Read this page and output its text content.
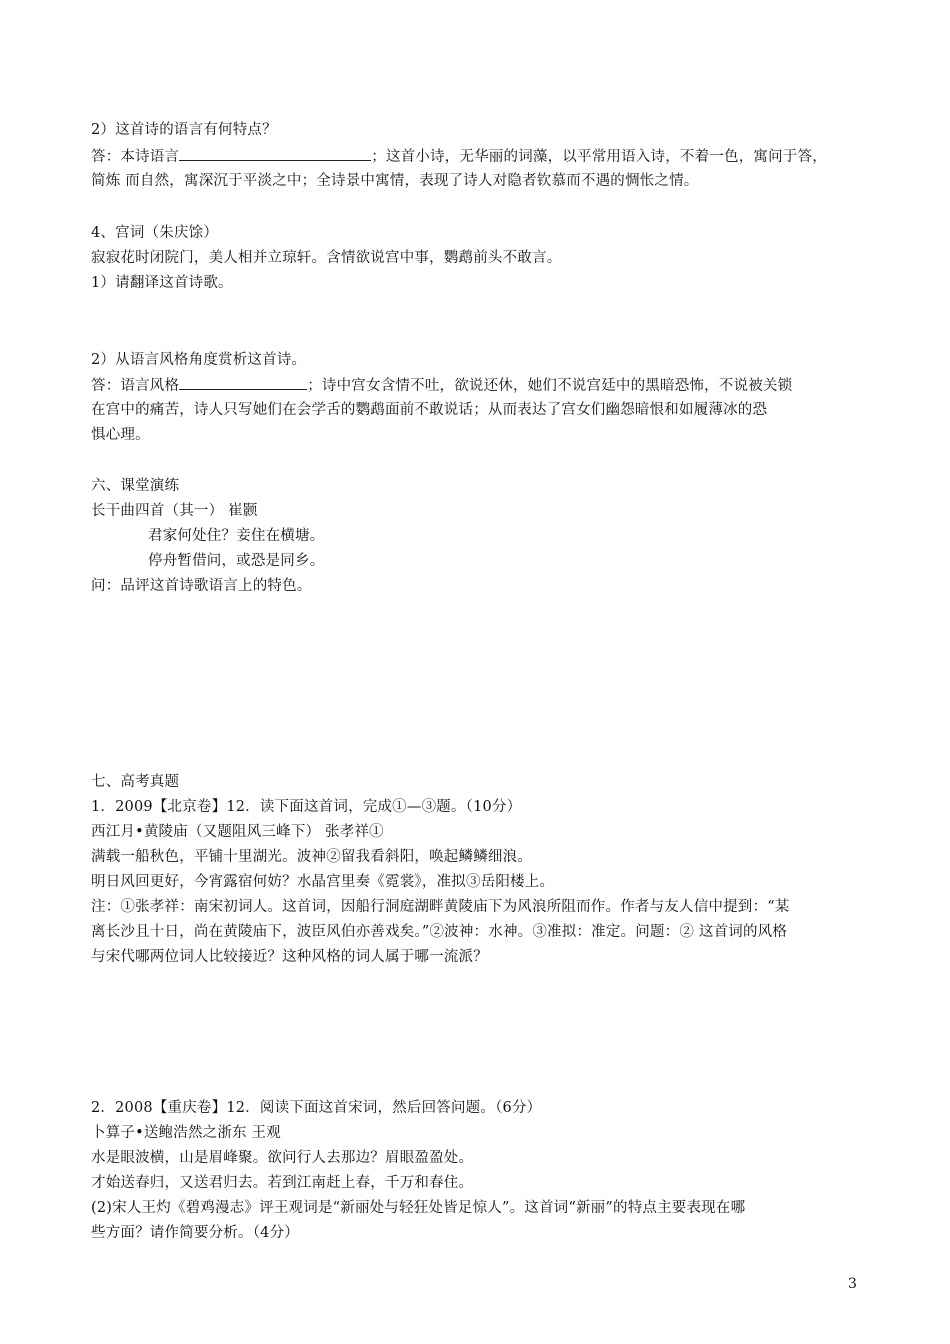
2）这首诗的语言有何特点？
答：本诗语言	；这首小诗，无华丽的词藻，以平常用语入诗，不着一色，寓问于答，
简炼 而自然，寓深沉于平淡之中；全诗景中寓情，表现了诗人对隐者钦慕而不遇的惆怅之情。
4、宫词（朱庆馀）
寂寂花时闭院门，美人相并立琼轩。含情欲说宫中事，鹦鹉前头不敢言。
1）请翻译这首诗歌。
2）从语言风格角度赏析这首诗。
答：语言风格	；诗中宫女含情不吐，欲说还休，她们不说宫廷中的黑暗恐怖，不说被关锁
在宫中的痛苦，诗人只写她们在会学舌的鹦鹉面前不敢说话；从而表达了宫女们幽怨暗恨和如履薄冰的恐
惧心理。
六、课堂演练
长干曲四首（其一） 崔颢
君家何处住？妾住在横塘。
停舟暂借问，或恐是同乡。
问：品评这首诗歌语言上的特色。
七、高考真题
1．2009【北京卷】12．读下面这首词，完成①—③题。（10分）
西江月•黄陵庙（又题阻风三峰下） 张孝祥①
满载一船秋色，平铺十里湖光。波神②留我看斜阳，唤起鳞鳞细浪。
明日风回更好，今宵露宿何妨？水晶宫里奏《霓裳》，准拟③岳阳楼上。
注：①张孝祥：南宋初词人。这首词，因船行洞庭湖畔黄陵庙下为风浪所阻而作。作者与友人信中提到：“某
离长沙且十日，尚在黄陵庙下，波臣风伯亦善戏矣。”②波神：水神。③准拟：准定。问题：② 这首词的风格
与宋代哪两位词人比较接近？这种风格的词人属于哪一流派？
2．2008【重庆卷】12．阅读下面这首宋词，然后回答问题。（6分）
卜算子•送鲍浩然之浙东 王观
水是眼波横，山是眉峰聚。欲问行人去那边？眉眼盈盈处。
才始送春归，又送君归去。若到江南赶上春，千万和春住。
(2)宋人王灼《碧鸡漫志》评王观词是“新丽处与轻狂处皆足惊人”。这首词“新丽”的特点主要表现在哪
些方面？请作简要分析。（4分）
3
